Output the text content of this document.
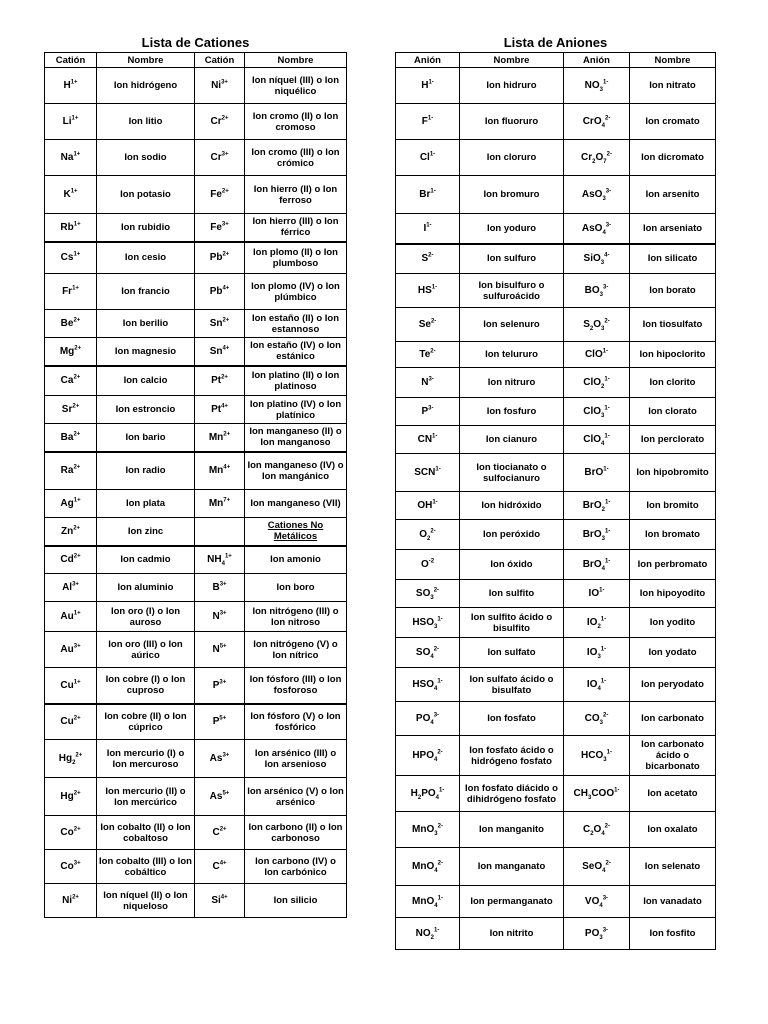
Lista de Cationes
Catión	Nombre	Catión	Nombre
$H^{1+}$	Ion hidrógeno	$Ni^{3+}$	Ion níquel (III) o Ion niquélico
$Li^{1+}$	Ion litio	$Cr^{2+}$	Ion cromo (II) o Ion cromoso
$Na^{1+}$	Ion sodio	$Cr^{3+}$	Ion cromo (III) o Ion crómico
$K^{1+}$	Ion potasio	$Fe^{2+}$	Ion hierro (II) o Ion ferroso
$Rb^{1+}$	Ion rubidio	$Fe^{3+}$	Ion hierro (III) o Ion férrico
$Cs^{1+}$	Ion cesio	$Pb^{2+}$	Ion plomo (II) o Ion plumboso
$Fr^{1+}$	Ion francio	$Pb^{4+}$	Ion plomo (IV) o Ion plúmbico
$Be^{2+}$	Ion berilio	$Sn^{2+}$	Ion estaño (II) o Ion estannoso
$Mg^{2+}$	Ion magnesio	$Sn^{4+}$	Ion estaño (IV) o Ion estánico
$Ca^{2+}$	Ion calcio	$Pt^{2+}$	Ion platino (II) o Ion platinoso
$Sr^{2+}$	Ion estroncio	$Pt^{4+}$	Ion platino (IV) o Ion platínico
$Ba^{2+}$	Ion bario	$Mn^{2+}$	Ion manganeso (II) o Ion manganoso
$Ra^{2+}$	Ion radio	$Mn^{4+}$	Ion manganeso (IV) o Ion mangánico
$Ag^{1+}$	Ion plata	$Mn^{7+}$	Ion manganeso (VII)
$Zn^{2+}$	Ion zinc		Cationes No Metálicos
$Cd^{2+}$	Ion cadmio	$NH_4^{1+}$	Ion amonio
$Al^{3+}$	Ion aluminio	$B^{3+}$	Ion boro
$Au^{1+}$	Ion oro (I) o Ion auroso	$N^{3+}$	Ion nitrógeno (III) o Ion nitroso
$Au^{3+}$	Ion oro (III) o Ion aúrico	$N^{5+}$	Ion nitrógeno (V) o Ion nítrico
$Cu^{1+}$	Ion cobre (I) o Ion cuproso	$P^{3+}$	Ion fósforo (III) o Ion fosforoso
$Cu^{2+}$	Ion cobre (II) o Ion cúprico	$P^{5+}$	Ion fósforo (V) o Ion fosfórico
$Hg_2^{2+}$	Ion mercurio (I) o Ion mercuroso	$As^{3+}$	Ion arsénico (III) o Ion arsenioso
$Hg^{2+}$	Ion mercurio (II) o Ion mercúrico	$As^{5+}$	Ion arsénico (V) o Ion arsénico
$Co^{2+}$	Ion cobalto (II) o Ion cobaltoso	$C^{2+}$	Ion carbono (II) o Ion carbonoso
$Co^{3+}$	Ion cobalto (III) o Ion cobáltico	$C^{4+}$	Ion carbono (IV) o Ion carbónico
$Ni^{2+}$	Ion níquel (II) o Ion niqueloso	$Si^{4+}$	Ion silicio
Lista de Aniones
Anión	Nombre	Anión	Nombre
$H^{1-}$	Ion hidruro	$NO_3^{1-}$	Ion nitrato
$F^{1-}$	Ion fluoruro	CrO$_4^{2-}$	Ion cromato
$Cl^{1-}$	Ion cloruro	$Cr_2O_7^{2-}$	Ion dicromato
$Br^{1-}$	Ion bromuro	AsO$_3^{3-}$	Ion arsenito
$I^{1-}$	Ion yoduro	AsO$_4^{3-}$	Ion arseniato
$S^{2-}$	Ion sulfuro	SiO$_3^{4-}$	Ion silicato
$HS^{1-}$	Ion bisulfuro o sulfuroácido	$BO_3^{3-}$	Ion borato
$Se^{2-}$	Ion selenuro	$S_2O_3^{2-}$	Ion tiosulfato
$Te^{2-}$	Ion telururo	ClO$^{1-}$	Ion hipoclorito
$N^{3-}$	Ion nitruro	ClO$_2^{1-}$	Ion clorito
$P^{3-}$	Ion fosfuro	ClO$_3^{1-}$	Ion clorato
$CN^{1-}$	Ion cianuro	ClO$_4^{1-}$	Ion perclorato
$SCN^{1-}$	Ion tiocianato o sulfocianuro	BrO$^{1-}$	Ion hipobromito
$OH^{1-}$	Ion hidróxido	BrO$_2^{1-}$	Ion bromito
$O_2^{2-}$	Ion peróxido	BrO$_3^{1-}$	Ion bromato
$O^{-2}$	Ion óxido	BrO$_4^{1-}$	Ion perbromato
$SO_3^{2-}$	Ion sulfito	$IO^{1-}$	Ion hipoyodito
$HSO_3^{1-}$	Ion sulfito ácido o bisulfito	$IO_2^{1-}$	Ion yodito
$SO_4^{2-}$	Ion sulfato	$IO_3^{1-}$	Ion yodato
$HSO_4^{1-}$	Ion sulfato ácido o bisulfato	$IO_4^{1-}$	Ion peryodato
$PO_4^{3-}$	Ion fosfato	$CO_3^{2-}$	Ion carbonato
$HPO_4^{2-}$	Ion fosfato ácido o hidrógeno fosfato	$HCO_3^{1-}$	Ion carbonato ácido o bicarbonato
$H_2PO_4^{1-}$	Ion fosfato diácido o dihidrógeno fosfato	$CH_3COO^{1-}$	Ion acetato
MnO$_3^{2-}$	Ion manganito	$C_2O_4^{2-}$	Ion oxalato
MnO$_4^{2-}$	Ion manganato	SeO$_4^{2-}$	Ion selenato
MnO$_4^{1-}$	Ion permanganato	$VO_4^{3-}$	Ion vanadato
$NO_2^{1-}$	Ion nitrito	$PO_3^{3-}$	Ion fosfito
